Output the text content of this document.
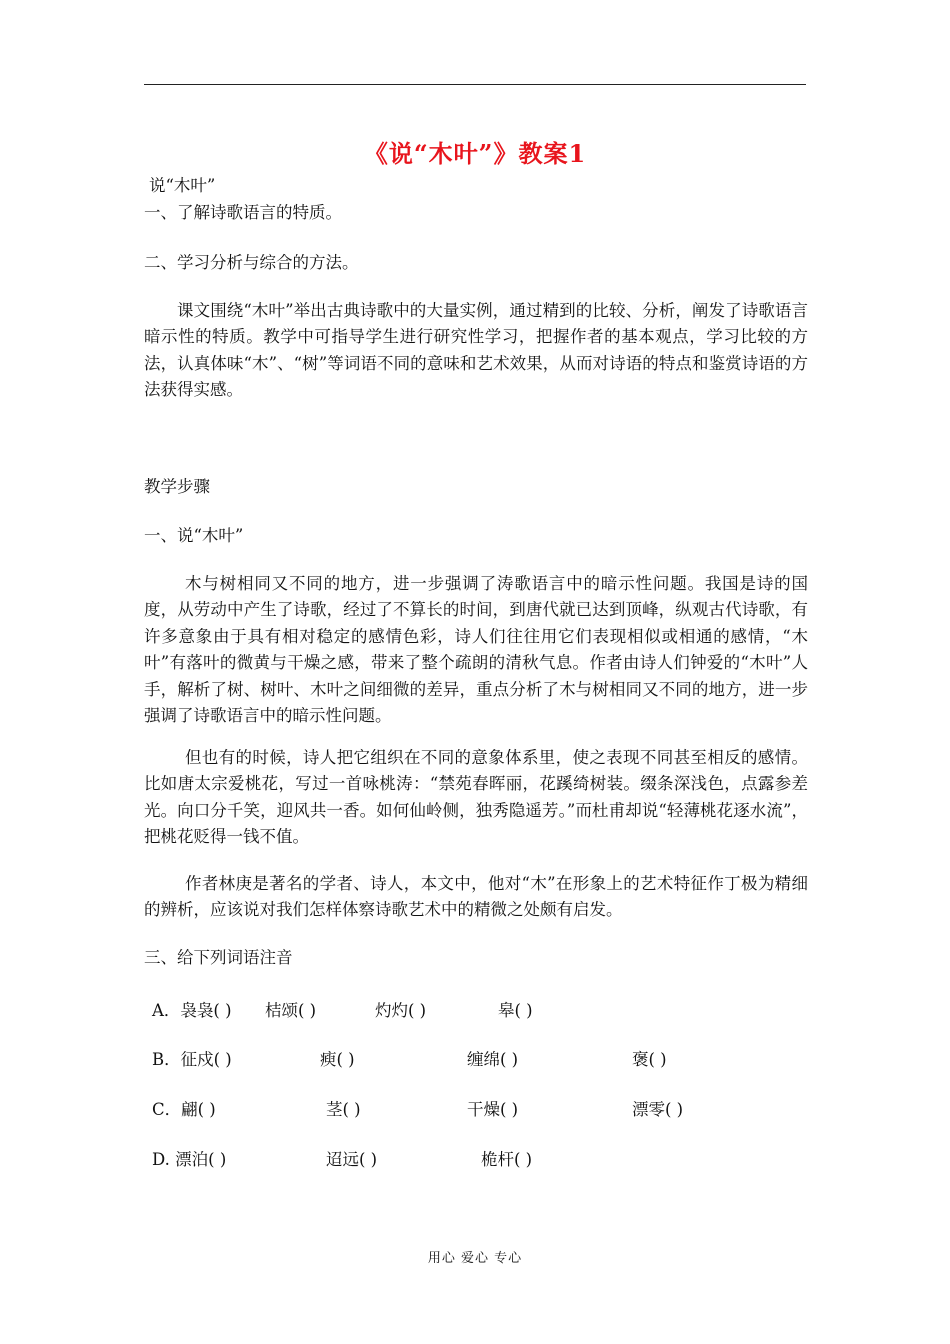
《说“木叶”》教案1
说“木叶”
一、了解诗歌语言的特质。
二、学习分析与综合的方法。
课文围绕“木叶”举出古典诗歌中的大量实例，通过精到的比较、分析，阐发了诗歌语言暗示性的特质。教学中可指导学生进行研究性学习，把握作者的基本观点，学习比较的方法，认真体味“木”、“树”等词语不同的意味和艺术效果，从而对诗语的特点和鉴赏诗语的方法获得实感。
教学步骤
一、说“木叶”
木与树相同又不同的地方，进一步强调了涛歌语言中的暗示性问题。我国是诗的国度，从劳动中产生了诗歌，经过了不算长的时间，到唐代就已达到顶峰，纵观古代诗歌，有许多意象由于具有相对稳定的感情色彩，诗人们往往用它们表现相似或相通的感情，“木叶”有落叶的微黄与干燥之感，带来了整个疏朗的清秋气息。作者由诗人们钟爱的“木叶”人手，解析了树、树叶、木叶之间细微的差异，重点分析了木与树相同又不同的地方，进一步强调了诗歌语言中的暗示性问题。
但也有的时候，诗人把它组织在不同的意象体系里，使之表现不同甚至相反的感情。比如唐太宗爱桃花，写过一首咏桃涛：“禁苑春晖丽，花蹊绮树装。缀条深浅色，点露参差光。向口分千笑，迎风共一香。如何仙岭侧，独秀隐遥芳。”而杜甫却说“轻薄桃花逐水流”，把桃花贬得一钱不值。
作者林庚是著名的学者、诗人，本文中，他对“木”在形象上的艺术特征作丁极为精细的辨析，应该说对我们怎样体察诗歌艺术中的精微之处颇有启发。
三、给下列词语注音
A．袅袅( ) 桔颂( )	灼灼( )	皋( )
B．征戍( )	瘐( )	缠绵( )	褒( )
C．翩( )	茎( )	干燥( )	漂零( )
D. 漂泊( )	迢远( )	桅杆( )
用心 爱心 专心
